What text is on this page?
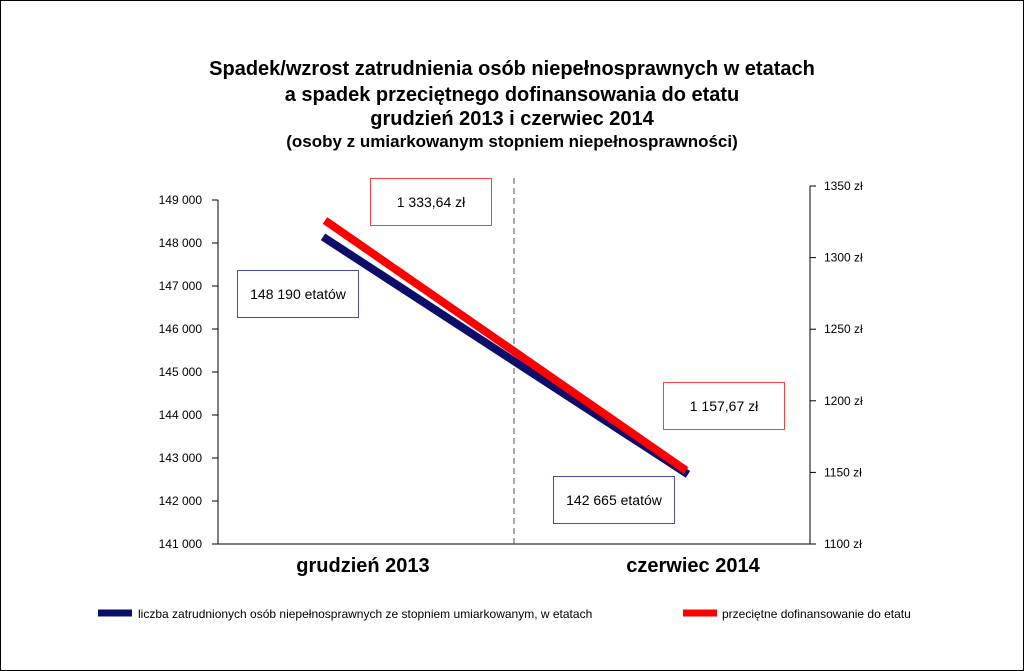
Spadek/wzrost zatrudnienia osób niepełnosprawnych w etatach
a spadek przeciętnego dofinansowania do etatu
grudzień 2013 i czerwiec 2014
(osoby z umiarkowanym stopniem niepełnosprawności)
141 000
142 000
143 000
144 000
145 000
146 000
147 000
148 000
149 000
1100 zł
1150 zł
1200 zł
1250 zł
1300 zł
1350 zł
grudzień 2013	czerwiec 2014
liczba zatrudnionych osób niepełnosprawnych ze stopniem umiarkowanym, w etatach	przeciętne dofinansowanie do etatu
1 333,64 zł
148 190 etatów
1 157,67 zł
142 665 etatów
